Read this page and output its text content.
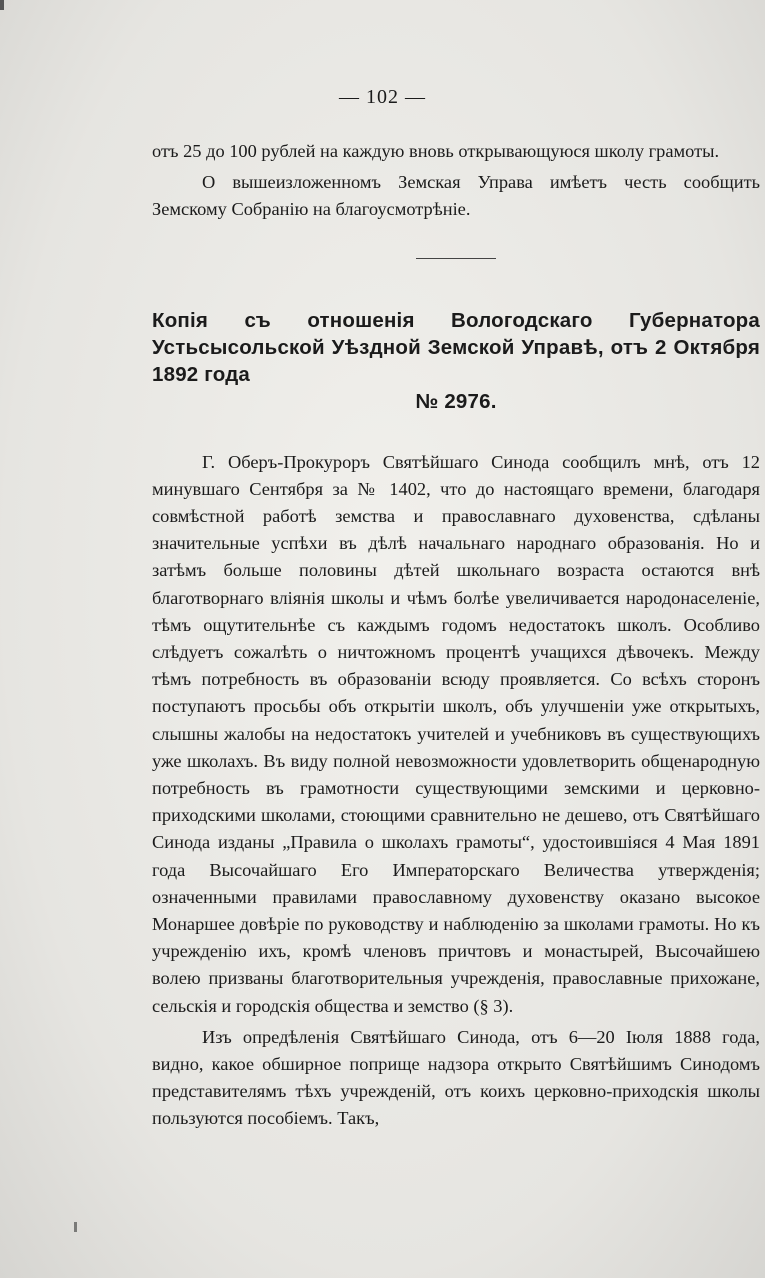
— 102 —

отъ 25 до 100 рублей на каждую вновь открывающуюся школу грамоты.

О вышеизложенномъ Земская Управа имѣетъ честь сообщить Земскому Собранію на благоусмотрѣніе.

Копія съ отношенія Вологодскаго Губернатора Устьсысольской Уѣздной Земской Управѣ, отъ 2 Октября 1892 года
№ 2976.

Г. Оберъ-Прокуроръ Святѣйшаго Синода сообщилъ мнѣ, отъ 12 минувшаго Сентября за № 1402, что до настоящаго времени, благодаря совмѣстной работѣ земства и православнаго духовенства, сдѣланы значительные успѣхи въ дѣлѣ начальнаго народнаго образованія. Но и затѣмъ больше половины дѣтей школьнаго возраста остаются внѣ благотворнаго вліянія школы и чѣмъ болѣе увеличивается народонаселеніе, тѣмъ ощутительнѣе съ каждымъ годомъ недостатокъ школъ. Особливо слѣдуетъ сожалѣть о ничтожномъ процентѣ учащихся дѣвочекъ. Между тѣмъ потребность въ образованіи всюду проявляется. Со всѣхъ сторонъ поступаютъ просьбы объ открытіи школъ, объ улучшеніи уже открытыхъ, слышны жалобы на недостатокъ учителей и учебниковъ въ существующихъ уже школахъ. Въ виду полной невозможности удовлетворить общенародную потребность въ грамотности существующими земскими и церковно-приходскими школами, стоющими сравнительно не дешево, отъ Святѣйшаго Синода изданы „Правила о школахъ грамоты“, удостоившіяся 4 Мая 1891 года Высочайшаго Его Императорскаго Величества утвержденія; означенными правилами православному духовенству оказано высокое Монаршее довѣріе по руководству и наблюденію за школами грамоты. Но къ учрежденію ихъ, кромѣ членовъ причтовъ и монастырей, Высочайшею волею призваны благотворительныя учрежденія, православные прихожане, сельскія и городскія общества и земство (§ 3).

Изъ опредѣленія Святѣйшаго Синода, отъ 6—20 Іюля 1888 года, видно, какое обширное поприще надзора открыто Святѣйшимъ Синодомъ представителямъ тѣхъ учрежденій, отъ коихъ церковно-приходскія школы пользуются пособіемъ. Такъ,
